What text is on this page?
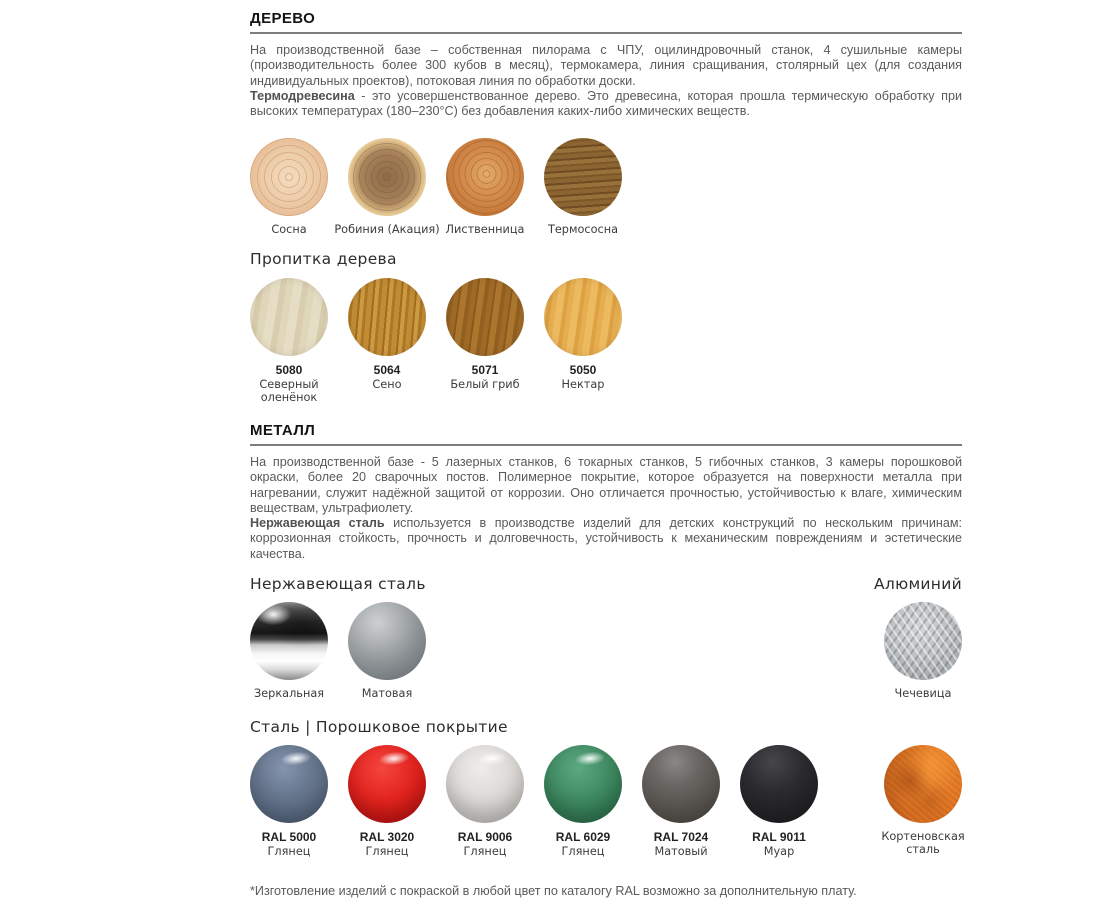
ДЕРЕВО
На производственной базе – собственная пилорама с ЧПУ, оцилиндровочный станок, 4 сушильные камеры (производительность более 300 кубов в месяц), термокамера, линия сращивания, столярный цех (для создания индивидуальных проектов), потоковая линия по обработки доски.
Термодревесина - это усовершенствованное дерево. Это древесина, которая прошла термическую обработку при высоких температурах (180–230°C) без добавления каких-либо химических веществ.
Сосна Робиния (Акация) Лиственница Термососна
Пропитка дерева
5080
Северный оленёнок
5064
Сено
5071
Белый гриб
5050
Нектар
МЕТАЛЛ
На производственной базе - 5 лазерных станков, 6 токарных станков, 5 гибочных станков, 3 камеры порошковой окраски, более 20 сварочных постов. Полимерное покрытие, которое образуется на поверхности металла при нагревании, служит надёжной защитой от коррозии. Оно отличается прочностью, устойчивостью к влаге, химическим веществам, ультрафиолету.
Нержавеющая сталь используется в производстве изделий для детских конструкций по нескольким причинам: коррозионная стойкость, прочность и долговечность, устойчивость к механическим повреждениям и эстетические качества.
Нержавеющая сталь	Алюминий
Зеркальная	Матовая	Чечевица
Сталь | Порошковое покрытие
RAL 5000
Глянец
RAL 3020
Глянец
RAL 9006
Глянец
RAL 6029
Глянец
RAL 7024
Матовый
RAL 9011
Муар
Кортеновская сталь
*Изготовление изделий с покраской в любой цвет по каталогу RAL возможно за дополнительную плату.
